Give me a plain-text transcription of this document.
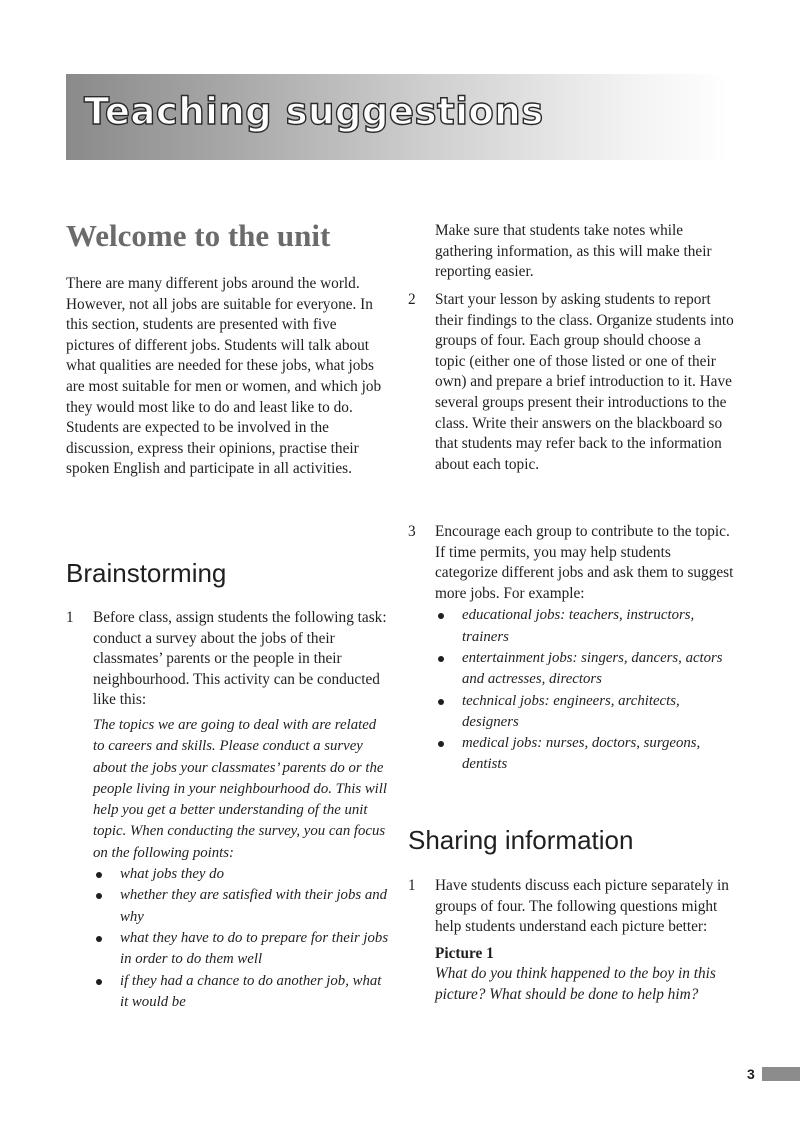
Teaching suggestions
Welcome to the unit

There are many different jobs around the world. However, not all jobs are suitable for everyone. In this section, students are presented with five pictures of different jobs. Students will talk about what qualities are needed for these jobs, what jobs are most suitable for men or women, and which job they would most like to do and least like to do. Students are expected to be involved in the discussion, express their opinions, practise their spoken English and participate in all activities.

Brainstorming
1 Before class, assign students the following task: conduct a survey about the jobs of their classmates’ parents or the people in their neighbourhood. This activity can be conducted like this:

The topics we are going to deal with are related to careers and skills. Please conduct a survey about the jobs your classmates’ parents do or the people living in your neighbourhood do. This will help you get a better understanding of the unit topic. When conducting the survey, you can focus on the following points:

what jobs they do
whether they are satisfied with their jobs and why
what they have to do to prepare for their jobs in order to do them well
if they had a chance to do another job, what it would be

Make sure that students take notes while gathering information, as this will make their reporting easier.

2 Start your lesson by asking students to report their findings to the class. Organize students into groups of four. Each group should choose a topic (either one of those listed or one of their own) and prepare a brief introduction to it. Have several groups present their introductions to the class. Write their answers on the blackboard so that students may refer back to the information about each topic.

3 Encourage each group to contribute to the topic. If time permits, you may help students categorize different jobs and ask them to suggest more jobs. For example:

educational jobs: teachers, instructors, trainers
entertainment jobs: singers, dancers, actors and actresses, directors
technical jobs: engineers, architects, designers
medical jobs: nurses, doctors, surgeons, dentists
Sharing information
1 Have students discuss each picture separately in groups of four. The following questions might help students understand each picture better:

Picture 1

What do you think happened to the boy in this picture? What should be done to help him?

3
